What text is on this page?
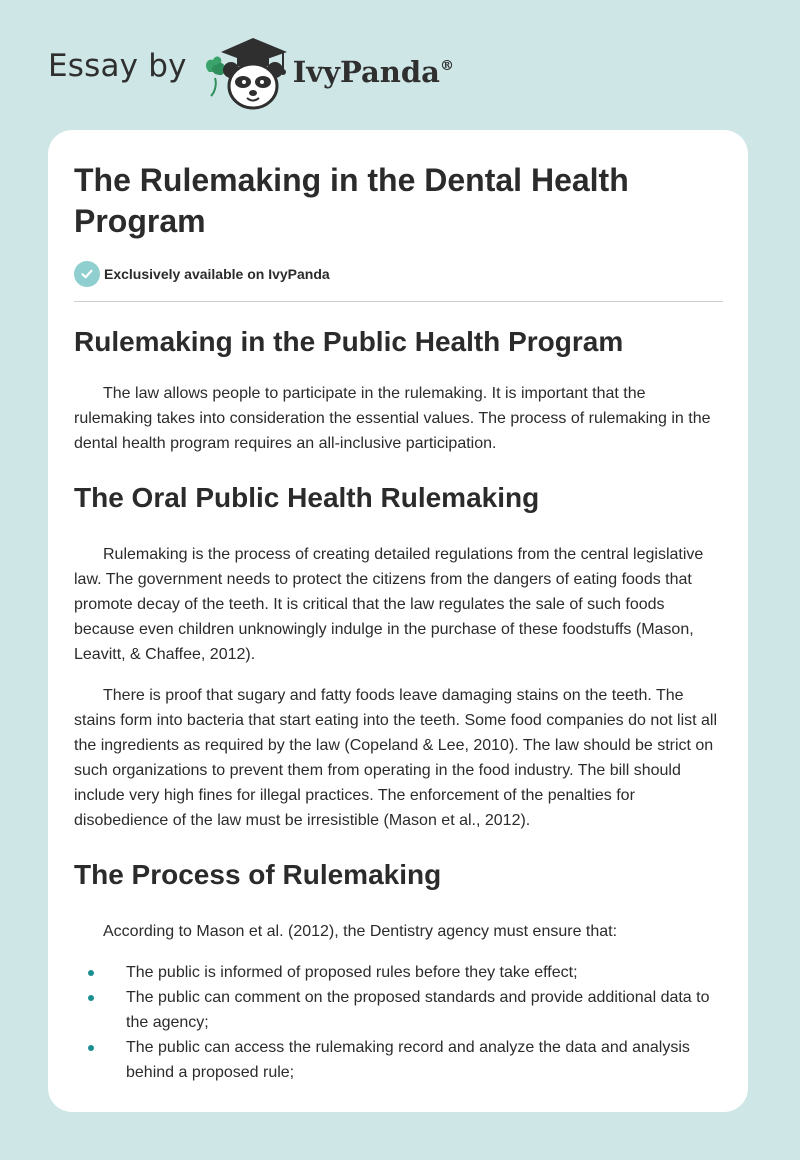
Essay by	IvyPanda®
The Rulemaking in the Dental Health Program
Exclusively available on IvyPanda
Rulemaking in the Public Health Program

The law allows people to participate in the rulemaking. It is important that the rulemaking takes into consideration the essential values. The process of rulemaking in the dental health program requires an all-inclusive participation.

The Oral Public Health Rulemaking

Rulemaking is the process of creating detailed regulations from the central legislative law. The government needs to protect the citizens from the dangers of eating foods that promote decay of the teeth. It is critical that the law regulates the sale of such foods because even children unknowingly indulge in the purchase of these foodstuffs (Mason, Leavitt, & Chaffee, 2012).

There is proof that sugary and fatty foods leave damaging stains on the teeth. The stains form into bacteria that start eating into the teeth. Some food companies do not list all the ingredients as required by the law (Copeland & Lee, 2010). The law should be strict on such organizations to prevent them from operating in the food industry. The bill should include very high fines for illegal practices. The enforcement of the penalties for disobedience of the law must be irresistible (Mason et al., 2012).

The Process of Rulemaking

According to Mason et al. (2012), the Dentistry agency must ensure that:

The public is informed of proposed rules before they take effect;
The public can comment on the proposed standards and provide additional data to the agency;
The public can access the rulemaking record and analyze the data and analysis behind a proposed rule;
